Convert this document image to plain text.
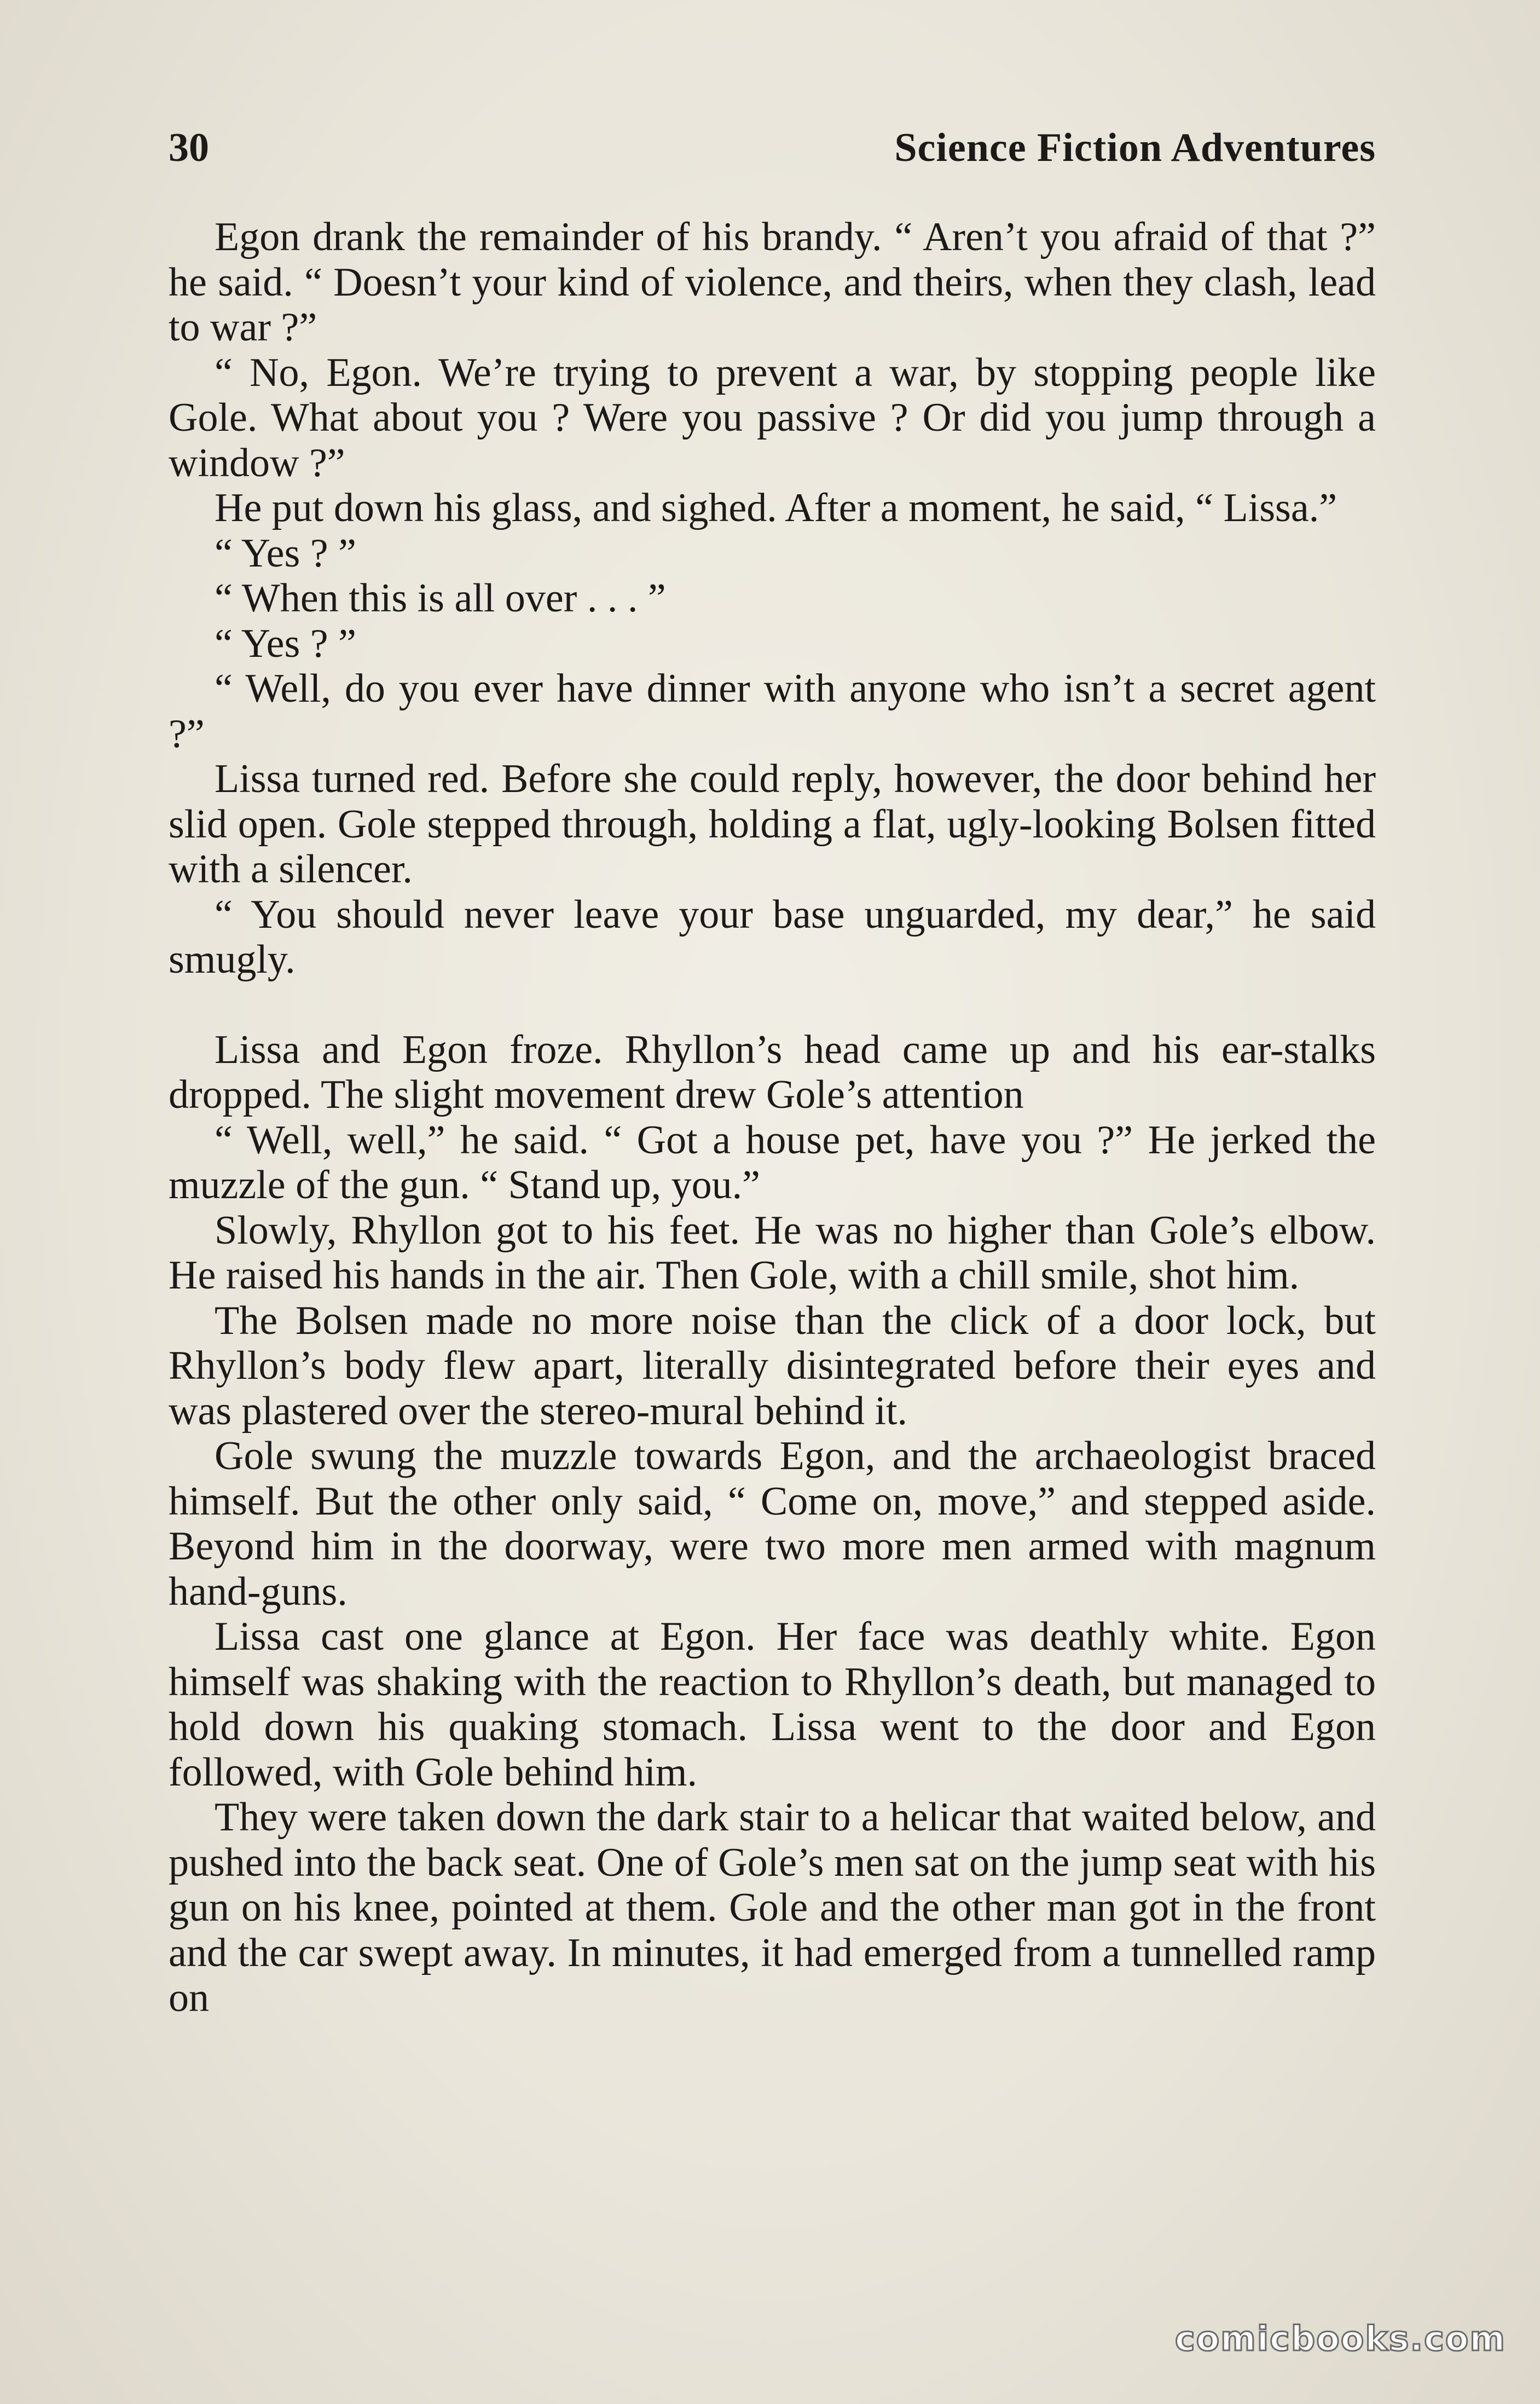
30	Science Fiction Adventures

Egon drank the remainder of his brandy. “ Aren’t you afraid of that ?” he said. “ Doesn’t your kind of violence, and theirs, when they clash, lead to war ?”

“ No, Egon. We’re trying to prevent a war, by stopping people like Gole. What about you ? Were you passive ? Or did you jump through a window ?”

He put down his glass, and sighed. After a moment, he said, “ Lissa.”

“ Yes ? ”

“ When this is all over . . . ”

“ Yes ? ”

“ Well, do you ever have dinner with anyone who isn’t a secret agent ?”

Lissa turned red. Before she could reply, however, the door behind her slid open. Gole stepped through, holding a flat, ugly-looking Bolsen fitted with a silencer.

“ You should never leave your base unguarded, my dear,” he said smugly.

Lissa and Egon froze. Rhyllon’s head came up and his ear-stalks dropped. The slight movement drew Gole’s attention

“ Well, well,” he said. “ Got a house pet, have you ?” He jerked the muzzle of the gun. “ Stand up, you.”

Slowly, Rhyllon got to his feet. He was no higher than Gole’s elbow. He raised his hands in the air. Then Gole, with a chill smile, shot him.

The Bolsen made no more noise than the click of a door lock, but Rhyllon’s body flew apart, literally disintegrated before their eyes and was plastered over the stereo-mural behind it.

Gole swung the muzzle towards Egon, and the archaeologist braced himself. But the other only said, “ Come on, move,” and stepped aside. Beyond him in the doorway, were two more men armed with magnum hand-guns.

Lissa cast one glance at Egon. Her face was deathly white. Egon himself was shaking with the reaction to Rhyllon’s death, but managed to hold down his quaking stomach. Lissa went to the door and Egon followed, with Gole behind him.

They were taken down the dark stair to a helicar that waited below, and pushed into the back seat. One of Gole’s men sat on the jump seat with his gun on his knee, pointed at them. Gole and the other man got in the front and the car swept away. In minutes, it had emerged from a tunnelled ramp on

comicbooks.com
